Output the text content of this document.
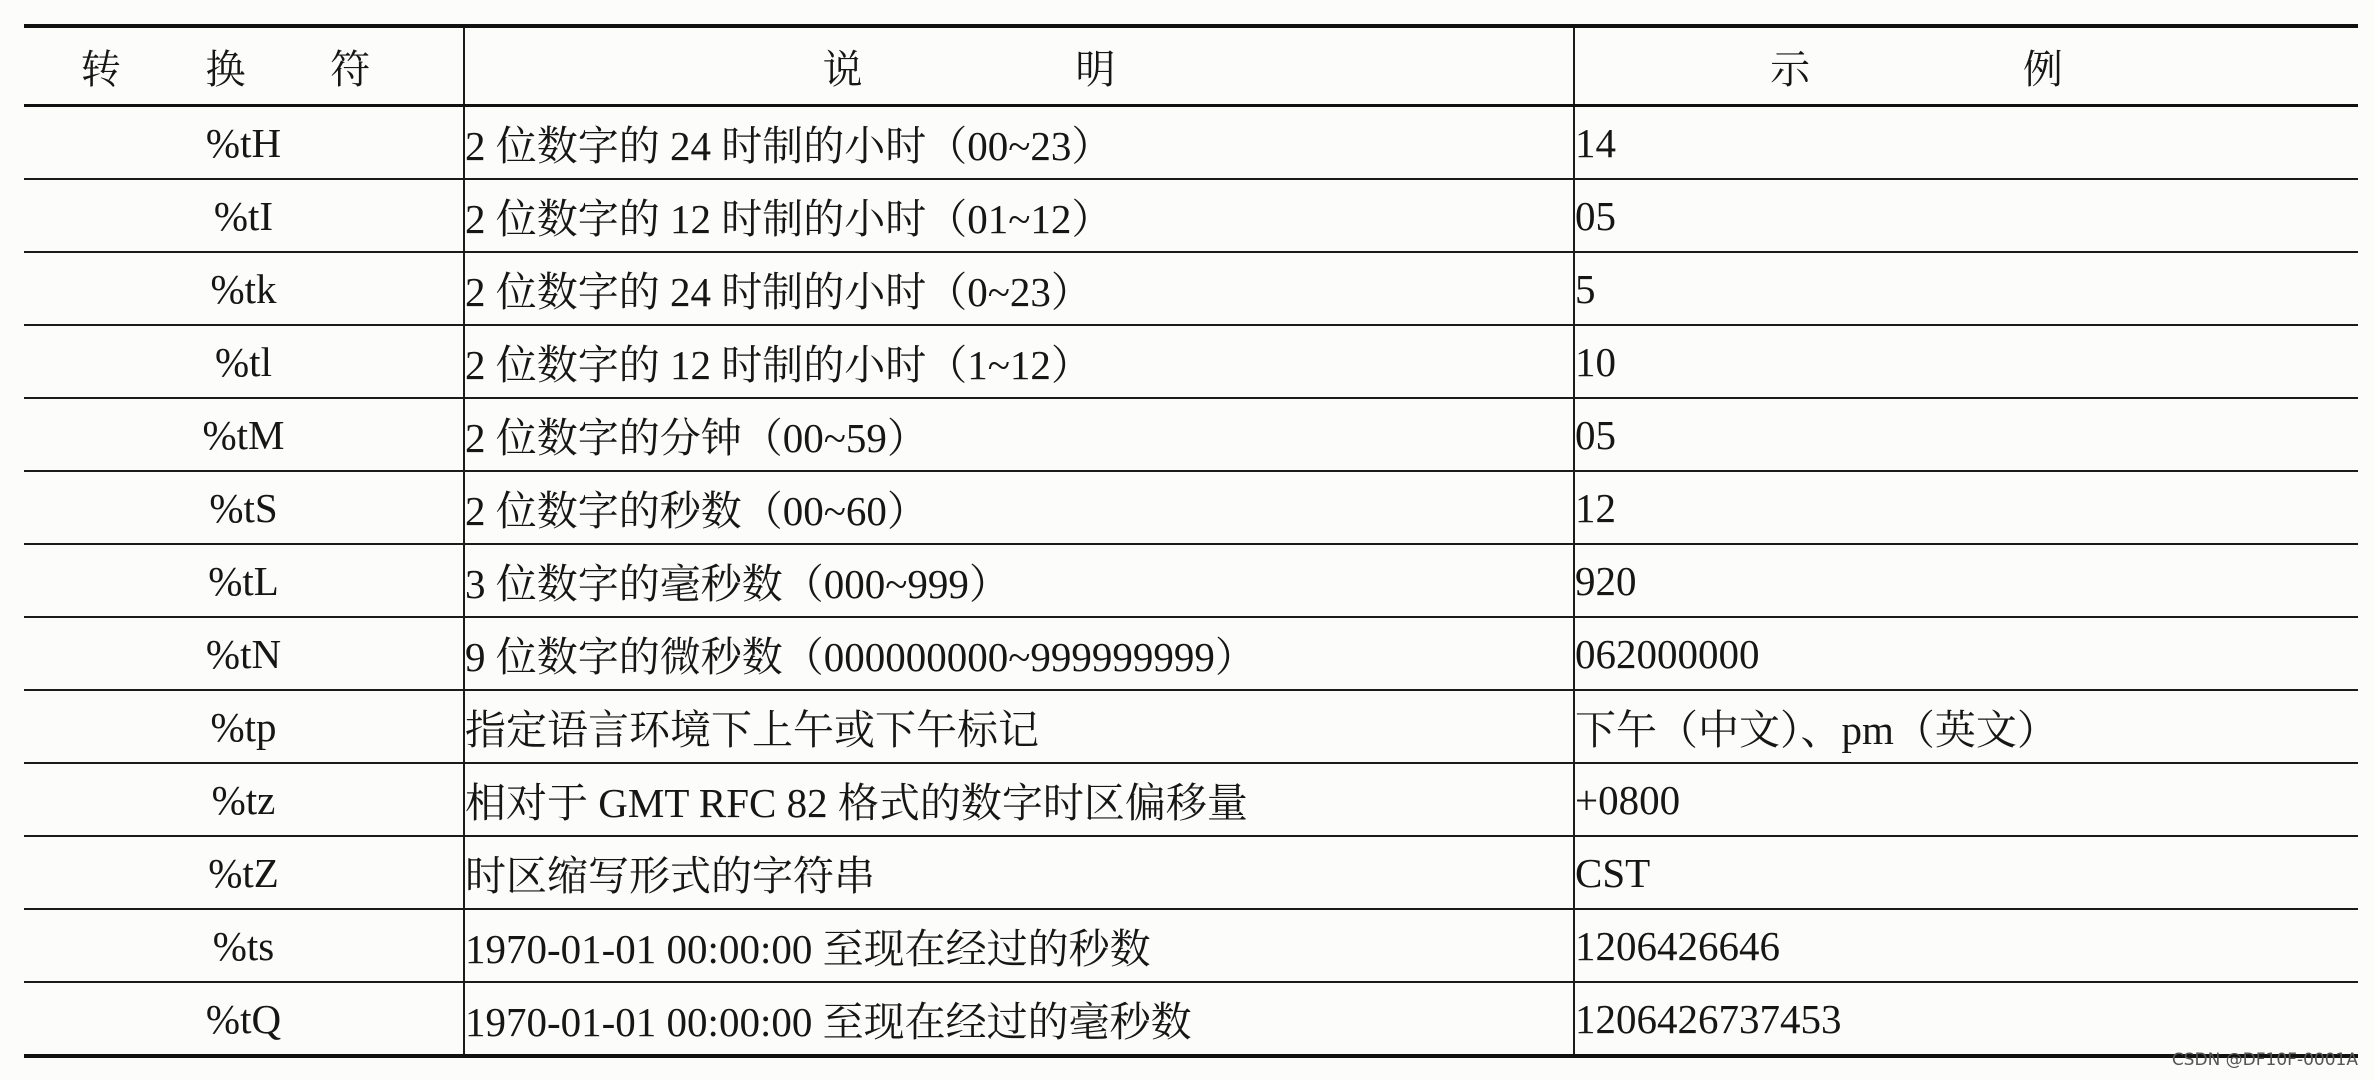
转 换 符	说 明	示 例
%tH	2 位数字的 24 时制的小时（00~23）	14
%tI	2 位数字的 12 时制的小时（01~12）	05
%tk	2 位数字的 24 时制的小时（0~23）	5
%tl	2 位数字的 12 时制的小时（1~12）	10
%tM	2 位数字的分钟（00~59）	05
%tS	2 位数字的秒数（00~60）	12
%tL	3 位数字的毫秒数（000~999）	920
%tN	9 位数字的微秒数（000000000~999999999）	062000000
%tp	指定语言环境下上午或下午标记	下午（中文）、pm（英文）
%tz	相对于 GMT RFC 82 格式的数字时区偏移量	+0800
%tZ	时区缩写形式的字符串	CST
%ts	1970-01-01 00:00:00 至现在经过的秒数	1206426646
%tQ	1970-01-01 00:00:00 至现在经过的毫秒数	1206426737453
CSDN @DF10F-0001A
